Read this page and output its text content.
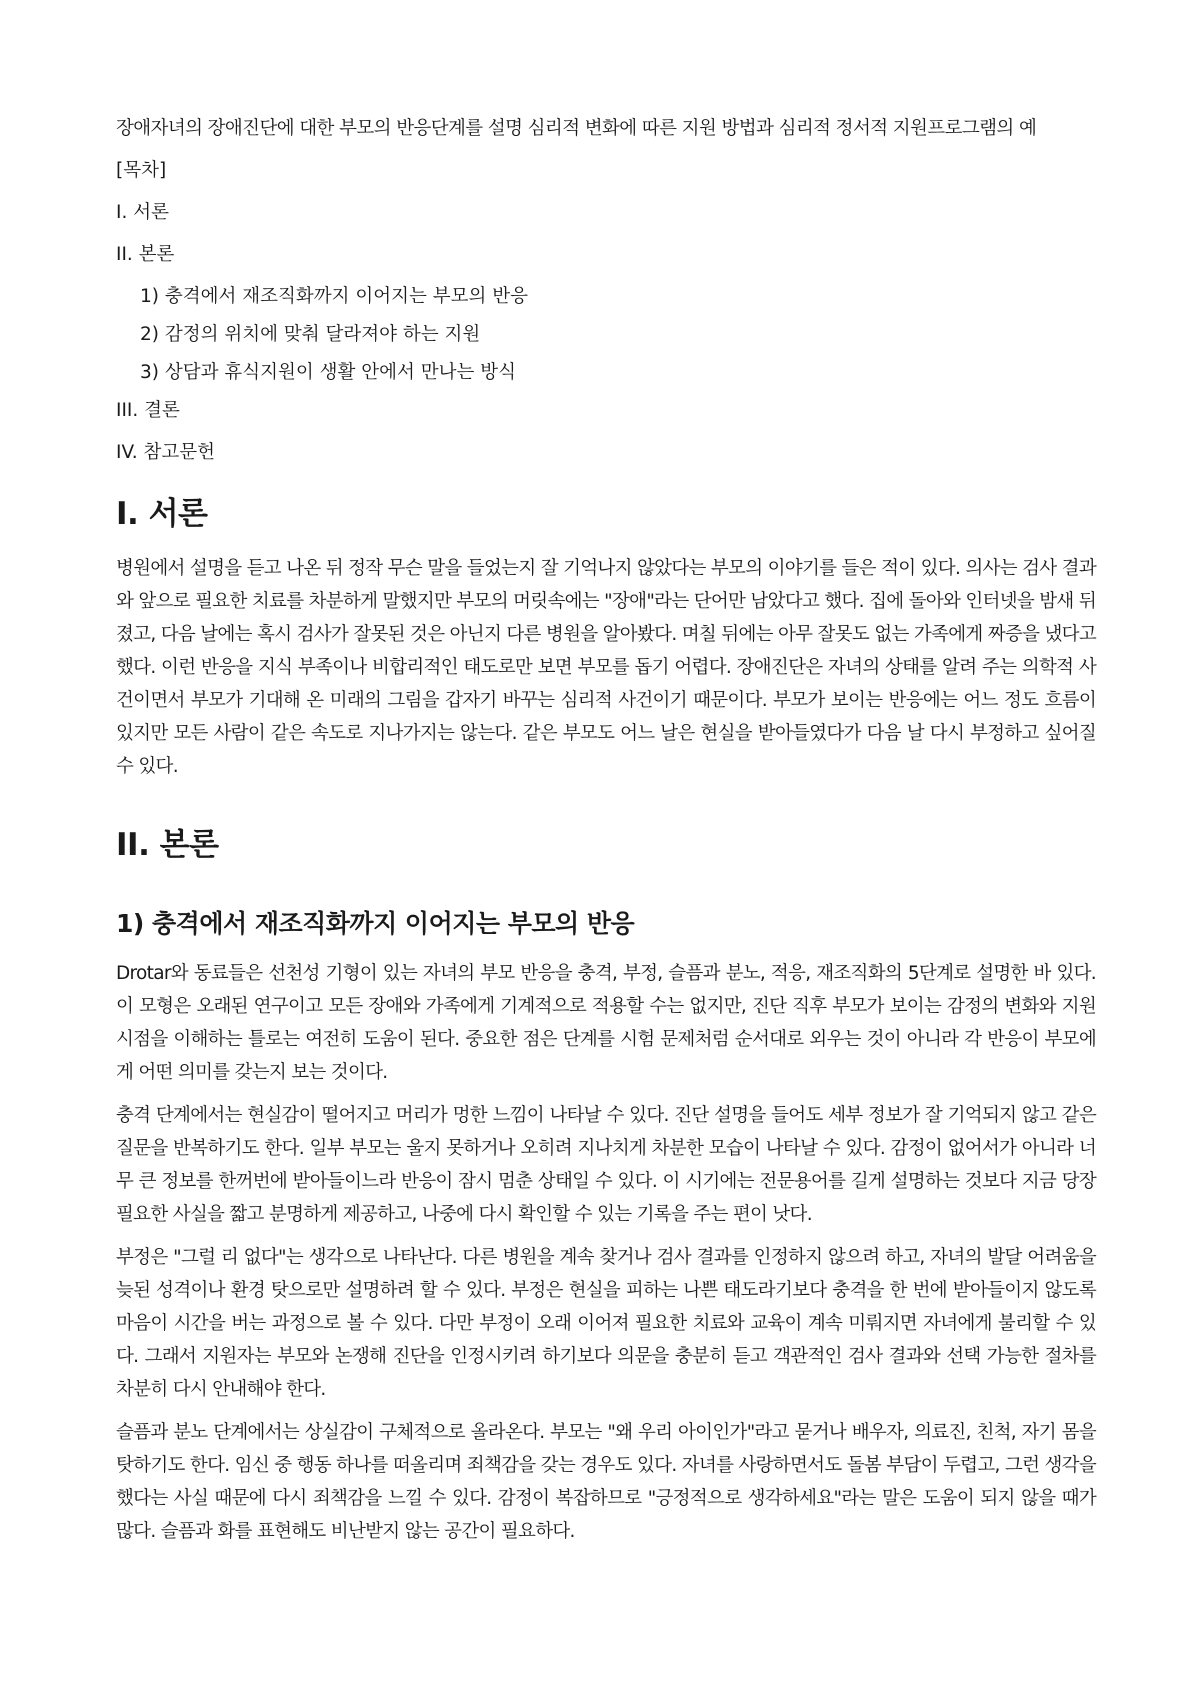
장애자녀의 장애진단에 대한 부모의 반응단계를 설명 심리적 변화에 따른 지원 방법과 심리적 정서적 지원프로그램의 예
[목차]
I. 서론
II. 본론
1) 충격에서 재조직화까지 이어지는 부모의 반응
2) 감정의 위치에 맞춰 달라져야 하는 지원
3) 상담과 휴식지원이 생활 안에서 만나는 방식
III. 결론
IV. 참고문헌
I. 서론

병원에서 설명을 듣고 나온 뒤 정작 무슨 말을 들었는지 잘 기억나지 않았다는 부모의 이야기를 들은 적이 있다. 의사는 검사 결과와 앞으로 필요한 치료를 차분하게 말했지만 부모의 머릿속에는 "장애"라는 단어만 남았다고 했다. 집에 돌아와 인터넷을 밤새 뒤졌고, 다음 날에는 혹시 검사가 잘못된 것은 아닌지 다른 병원을 알아봤다. 며칠 뒤에는 아무 잘못도 없는 가족에게 짜증을 냈다고 했다. 이런 반응을 지식 부족이나 비합리적인 태도로만 보면 부모를 돕기 어렵다. 장애진단은 자녀의 상태를 알려 주는 의학적 사건이면서 부모가 기대해 온 미래의 그림을 갑자기 바꾸는 심리적 사건이기 때문이다. 부모가 보이는 반응에는 어느 정도 흐름이 있지만 모든 사람이 같은 속도로 지나가지는 않는다. 같은 부모도 어느 날은 현실을 받아들였다가 다음 날 다시 부정하고 싶어질 수 있다.

II. 본론
1) 충격에서 재조직화까지 이어지는 부모의 반응

Drotar와 동료들은 선천성 기형이 있는 자녀의 부모 반응을 충격, 부정, 슬픔과 분노, 적응, 재조직화의 5단계로 설명한 바 있다. 이 모형은 오래된 연구이고 모든 장애와 가족에게 기계적으로 적용할 수는 없지만, 진단 직후 부모가 보이는 감정의 변화와 지원 시점을 이해하는 틀로는 여전히 도움이 된다. 중요한 점은 단계를 시험 문제처럼 순서대로 외우는 것이 아니라 각 반응이 부모에게 어떤 의미를 갖는지 보는 것이다.

충격 단계에서는 현실감이 떨어지고 머리가 멍한 느낌이 나타날 수 있다. 진단 설명을 들어도 세부 정보가 잘 기억되지 않고 같은 질문을 반복하기도 한다. 일부 부모는 울지 못하거나 오히려 지나치게 차분한 모습이 나타날 수 있다. 감정이 없어서가 아니라 너무 큰 정보를 한꺼번에 받아들이느라 반응이 잠시 멈춘 상태일 수 있다. 이 시기에는 전문용어를 길게 설명하는 것보다 지금 당장 필요한 사실을 짧고 분명하게 제공하고, 나중에 다시 확인할 수 있는 기록을 주는 편이 낫다.

부정은 "그럴 리 없다"는 생각으로 나타난다. 다른 병원을 계속 찾거나 검사 결과를 인정하지 않으려 하고, 자녀의 발달 어려움을 늦된 성격이나 환경 탓으로만 설명하려 할 수 있다. 부정은 현실을 피하는 나쁜 태도라기보다 충격을 한 번에 받아들이지 않도록 마음이 시간을 버는 과정으로 볼 수 있다. 다만 부정이 오래 이어져 필요한 치료와 교육이 계속 미뤄지면 자녀에게 불리할 수 있다. 그래서 지원자는 부모와 논쟁해 진단을 인정시키려 하기보다 의문을 충분히 듣고 객관적인 검사 결과와 선택 가능한 절차를 차분히 다시 안내해야 한다.

슬픔과 분노 단계에서는 상실감이 구체적으로 올라온다. 부모는 "왜 우리 아이인가"라고 묻거나 배우자, 의료진, 친척, 자기 몸을 탓하기도 한다. 임신 중 행동 하나를 떠올리며 죄책감을 갖는 경우도 있다. 자녀를 사랑하면서도 돌봄 부담이 두렵고, 그런 생각을 했다는 사실 때문에 다시 죄책감을 느낄 수 있다. 감정이 복잡하므로 "긍정적으로 생각하세요"라는 말은 도움이 되지 않을 때가 많다. 슬픔과 화를 표현해도 비난받지 않는 공간이 필요하다.
